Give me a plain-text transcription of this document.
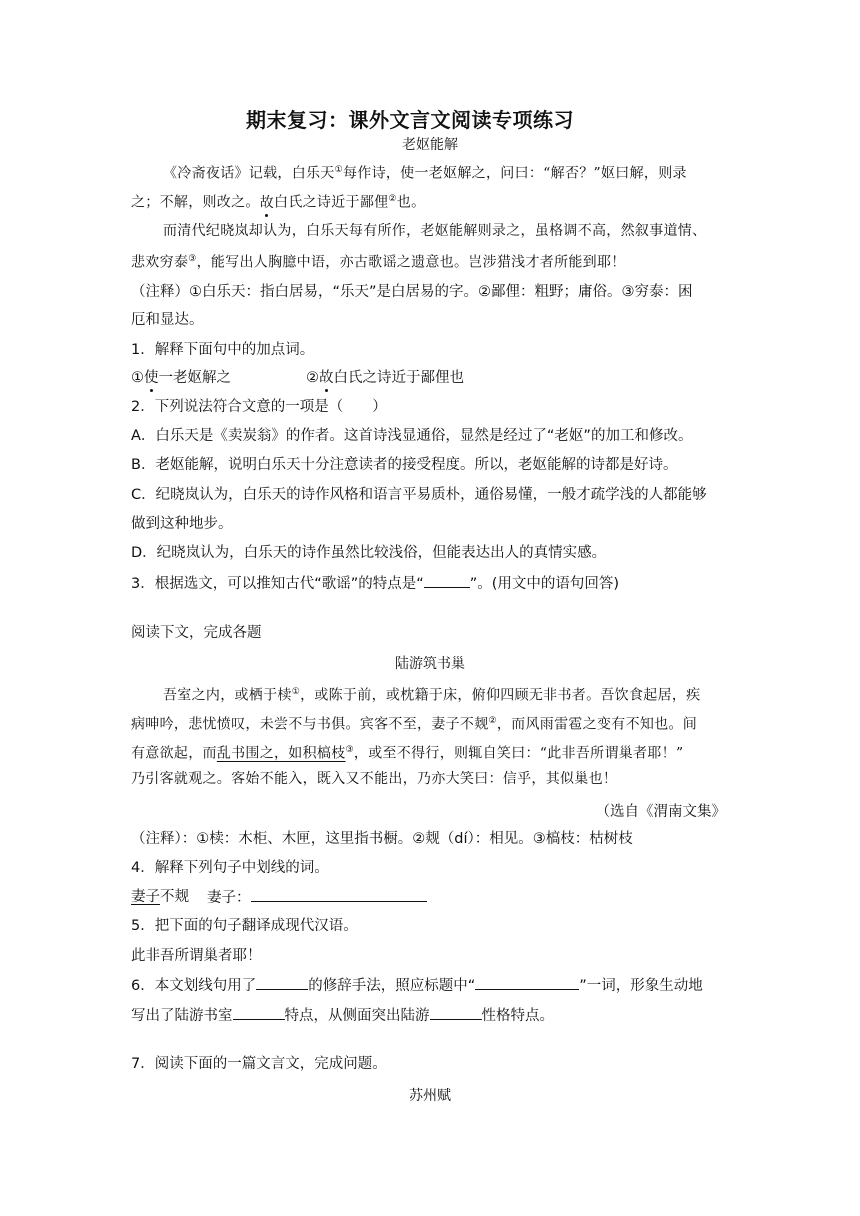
期末复习：课外文言文阅读专项练习
老妪能解
《冷斋夜话》记载，白乐天①每作诗，使一老妪解之，问曰：“解否？”妪曰解，则录
之；不解，则改之。故白氏之诗近于鄙俚②也。
而清代纪晓岚却认为，白乐天每有所作，老妪能解则录之，虽格调不高，然叙事道情、
悲欢穷泰③，能写出人胸臆中语，亦古歌谣之遗意也。岂涉猎浅才者所能到耶！
（注释）①白乐天：指白居易，“乐天”是白居易的字。②鄙俚：粗野；庸俗。③穷泰：困
厄和显达。
1．解释下面句中的加点词。
①使一老妪解之	②故白氏之诗近于鄙俚也
2．下列说法符合文意的一项是（　　）
A．白乐天是《卖炭翁》的作者。这首诗浅显通俗，显然是经过了“老妪”的加工和修改。
B．老妪能解，说明白乐天十分注意读者的接受程度。所以，老妪能解的诗都是好诗。
C．纪晓岚认为，白乐天的诗作风格和语言平易质朴，通俗易懂，一般才疏学浅的人都能够
做到这种地步。
D．纪晓岚认为，白乐天的诗作虽然比较浅俗，但能表达出人的真情实感。
3．根据选文，可以推知古代“歌谣”的特点是“	”。(用文中的语句回答)
阅读下文，完成各题
陆游筑书巢
吾室之内，或栖于椟①，或陈于前，或枕籍于床，俯仰四顾无非书者。吾饮食起居，疾
病呻吟，悲忧愤叹，未尝不与书俱。宾客不至，妻子不觌②，而风雨雷雹之变有不知也。间
有意欲起，而乱书围之，如积槁枝③，或至不得行，则辄自笑曰：“此非吾所谓巢者耶！”
乃引客就观之。客始不能入，既入又不能出，乃亦大笑曰：信乎，其似巢也！
（选自《渭南文集》
（注释）：①椟：木柜、木匣，这里指书橱。②觌（dí）：相见。③槁枝：枯树枝
4．解释下列句子中划线的词。
妻子不觌 妻子：
5．把下面的句子翻译成现代汉语。
此非吾所谓巢者耶！
6．本文划线句用了	的修辞手法，照应标题中“	”一词，形象生动地
写出了陆游书室	特点，从侧面突出陆游	性格特点。
7．阅读下面的一篇文言文，完成问题。
苏州赋
